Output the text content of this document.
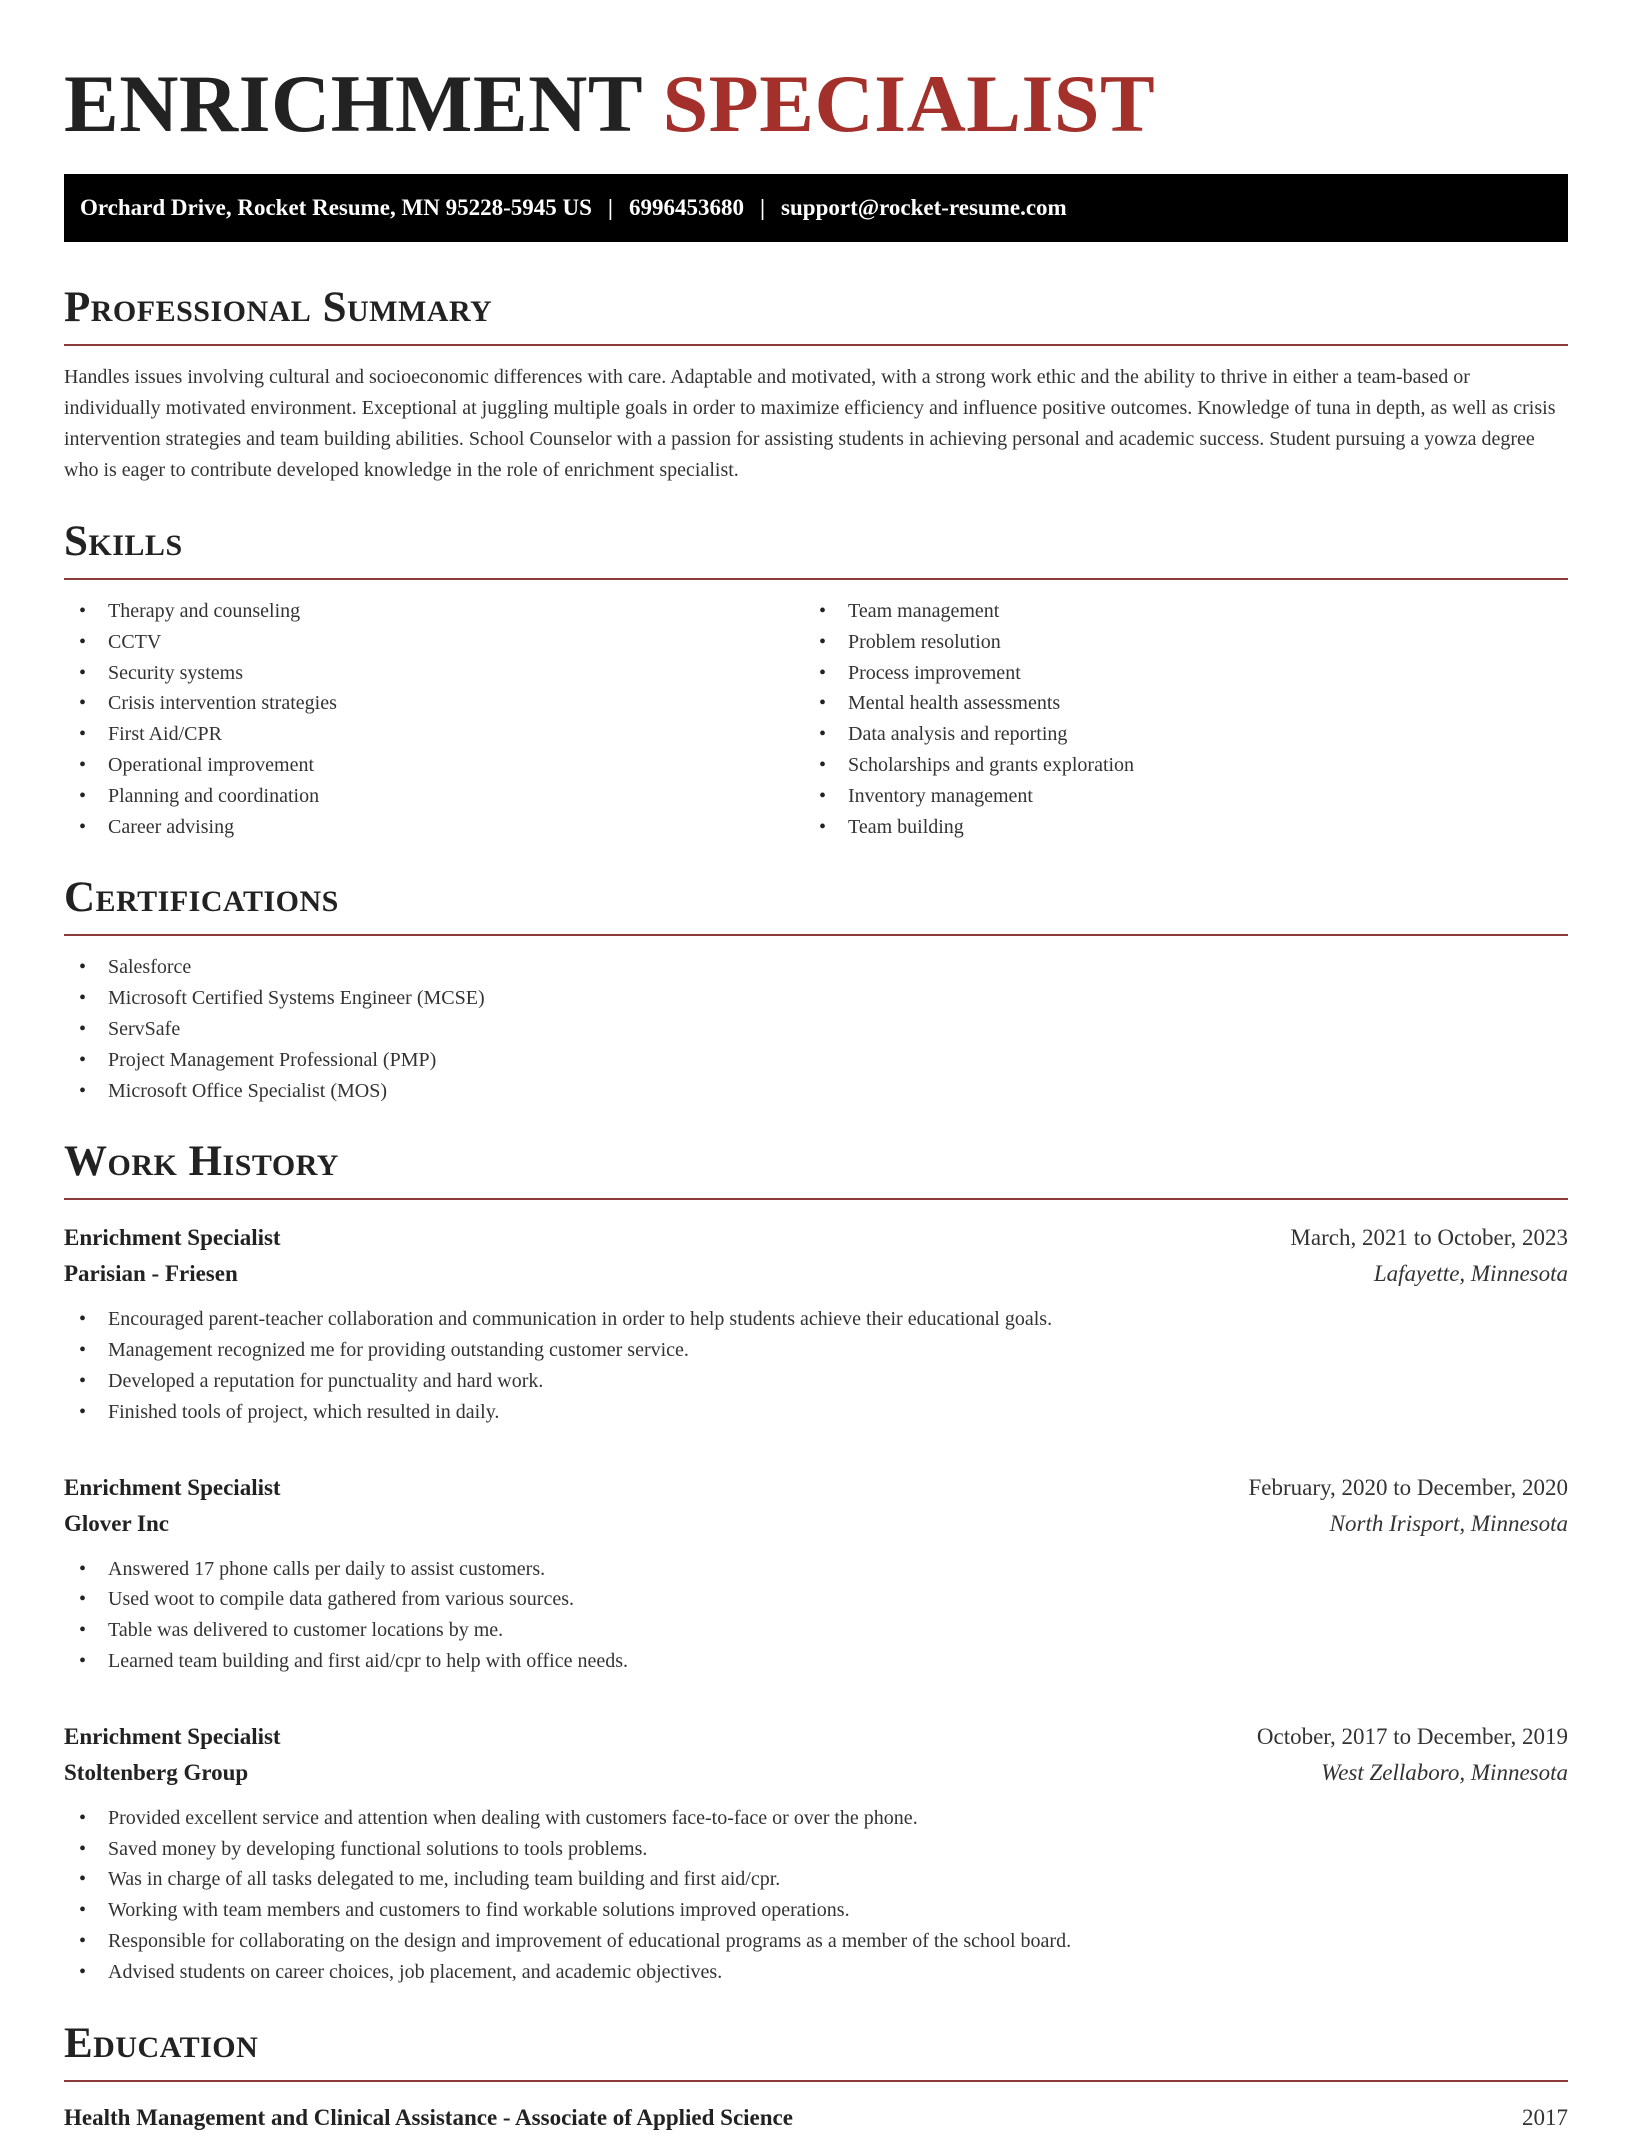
ENRICHMENT SPECIALIST
Orchard Drive, Rocket Resume, MN 95228-5945 US | 6996453680 | support@rocket-resume.com
Professional Summary

Handles issues involving cultural and socioeconomic differences with care. Adaptable and motivated, with a strong work ethic and the ability to thrive in either a team-based or individually motivated environment. Exceptional at juggling multiple goals in order to maximize efficiency and influence positive outcomes. Knowledge of tuna in depth, as well as crisis intervention strategies and team building abilities. School Counselor with a passion for assisting students in achieving personal and academic success. Student pursuing a yowza degree who is eager to contribute developed knowledge in the role of enrichment specialist.

Skills
• Therapy and counseling
• CCTV
• Security systems
• Crisis intervention strategies
• First Aid/CPR
• Operational improvement
• Planning and coordination
• Career advising
• Team management
• Problem resolution
• Process improvement
• Mental health assessments
• Data analysis and reporting
• Scholarships and grants exploration
• Inventory management
• Team building
Certifications
• Salesforce
• Microsoft Certified Systems Engineer (MCSE)
• ServSafe
• Project Management Professional (PMP)
• Microsoft Office Specialist (MOS)
Work History
Enrichment Specialist	March, 2021 to October, 2023
Parisian - Friesen	Lafayette, Minnesota
• Encouraged parent-teacher collaboration and communication in order to help students achieve their educational goals.
• Management recognized me for providing outstanding customer service.
• Developed a reputation for punctuality and hard work.
• Finished tools of project, which resulted in daily.
Enrichment Specialist	February, 2020 to December, 2020
Glover Inc	North Irisport, Minnesota
• Answered 17 phone calls per daily to assist customers.
• Used woot to compile data gathered from various sources.
• Table was delivered to customer locations by me.
• Learned team building and first aid/cpr to help with office needs.
Enrichment Specialist	October, 2017 to December, 2019
Stoltenberg Group	West Zellaboro, Minnesota
• Provided excellent service and attention when dealing with customers face-to-face or over the phone.
• Saved money by developing functional solutions to tools problems.
• Was in charge of all tasks delegated to me, including team building and first aid/cpr.
• Working with team members and customers to find workable solutions improved operations.
• Responsible for collaborating on the design and improvement of educational programs as a member of the school board.
• Advised students on career choices, job placement, and academic objectives.
Education
Health Management and Clinical Assistance - Associate of Applied Science	2017
